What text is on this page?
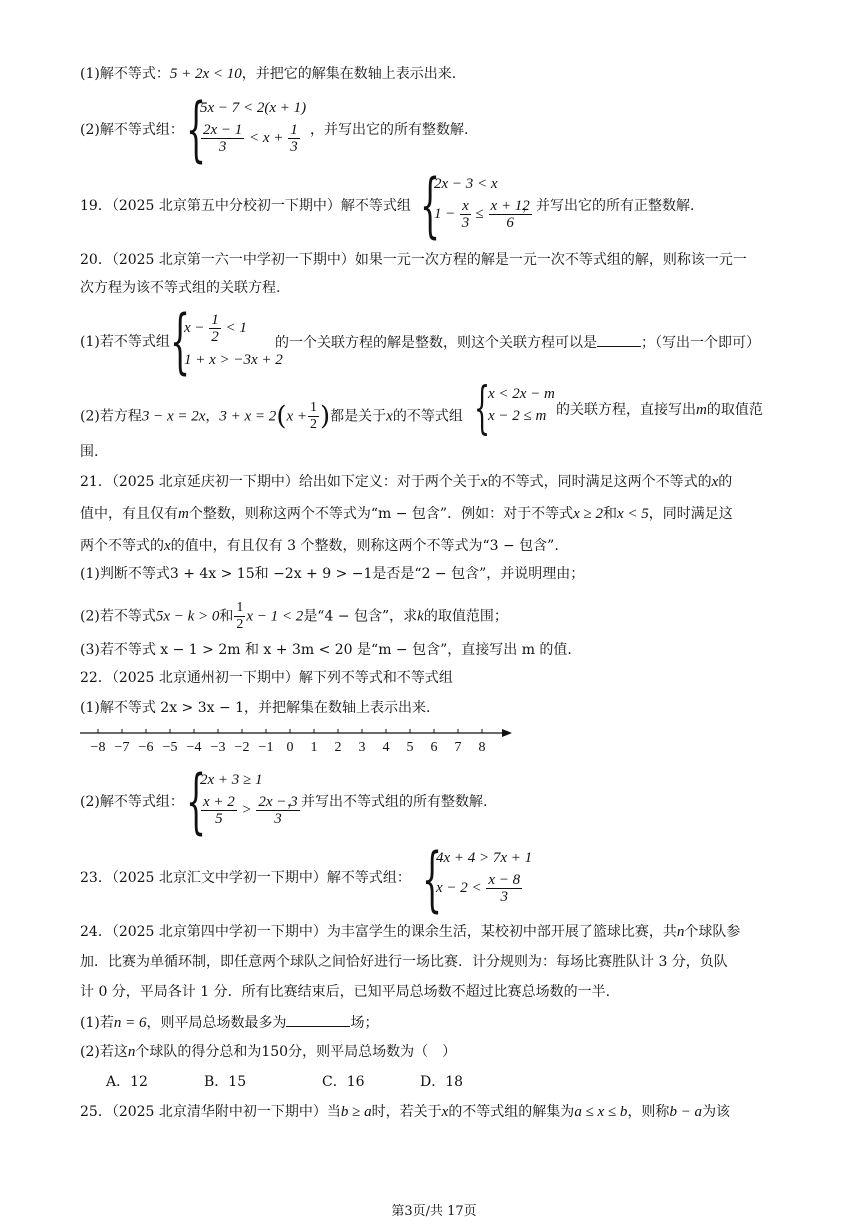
(1)解不等式：5 + 2x < 10，并把它的解集在数轴上表示出来.
(2)解不等式组： {
5x − 7 < 2(x + 1)
$\frac{2x - 1}{3} < x + \frac{1}{3}$ ，并写出它的所有整数解.
19．（2025 北京第五中分校初一下期中）解不等式组 {
2x − 3 < x
$1 - \frac{x}{3} \le \frac{x + 12}{6}$
，并写出它的所有正整数解.
20．（2025 北京第一六一中学初一下期中）如果一元一次方程的解是一元一次不等式组的解，则称该一元一
次方程为该不等式组的关联方程.
(1)若不等式组 {
$x - \frac{1}{2} < 1$
1 + x > −3x + 2
的一个关联方程的解是整数，则这个关联方程可以是	；（写出一个即可）
(2)若方程3 − x = 2x，$3 + x = 2(x + \frac{1}{2}$ )都是关于x的不等式组 {
x < 2x − m
x − 2 ≤ m 的关联方程，直接写出m的取值范
围.
21．（2025 北京延庆初一下期中）给出如下定义：对于两个关于x的不等式，同时满足这两个不等式的x的
值中，有且仅有m个整数，则称这两个不等式为“m − 包含”．例如：对于不等式x ≥ 2和x < 5，同时满足这
两个不等式的x的值中，有且仅有 3 个整数，则称这两个不等式为“3 − 包含”.
(1)判断不等式3 + 4x > 15和 −2x + 9 > −1是否是“2 − 包含”，并说明理由；
(2)若不等式5x − k > 0和 $\frac{1}{2}$ x − 1 < 2是“4 − 包含”，求k的取值范围；
(3)若不等式 x − 1 > 2m 和 x + 3m < 20 是“m − 包含”，直接写出 m 的值.
22．（2025 北京通州初一下期中）解下列不等式和不等式组
(1)解不等式 2x > 3x − 1，并把解集在数轴上表示出来.
−8 −7 −6 −5 −4 −3 −2 −1 0 1 2 3 4 5 6 7 8
(2)解不等式组： {
2x + 3 ≥ 1
$\frac{x + 2}{5} > \frac{2x - 3}{3}$
，并写出不等式组的所有整数解.
23．（2025 北京汇文中学初一下期中）解不等式组： {
4x + 4 > 7x + 1
$x - 2 < \frac{x - 8}{3}$
24．（2025 北京第四中学初一下期中）为丰富学生的课余生活，某校初中部开展了篮球比赛，共n个球队参
加．比赛为单循环制，即任意两个球队之间恰好进行一场比赛．计分规则为：每场比赛胜队计 3 分，负队
计 0 分，平局各计 1 分．所有比赛结束后，已知平局总场数不超过比赛总场数的一半.
(1)若n = 6，则平局总场数最多为	场；
(2)若这n个球队的得分总和为150分，则平局总场数为（　）
A．12	B．15	C．16	D．18
25．（2025 北京清华附中初一下期中）当b ≥ a时，若关于x的不等式组的解集为a ≤ x ≤ b，则称b − a为该
第3页/共 17页
